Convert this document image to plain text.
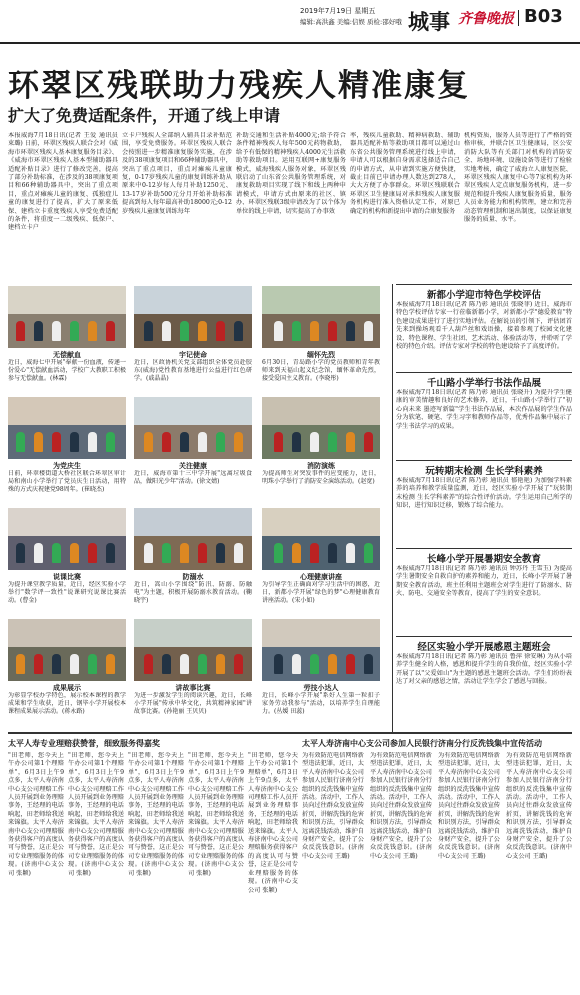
2019年7月19日 星期五
编辑:高洪鑫 美编:信娱 质检:邵好哦 城事 齐鲁晚报 B03
环翠区残联助力残疾人精准康复
扩大了免费适配条件，开通了线上申请
本报威海7月18日讯(记者 王爱 通讯员 束璐) 日前，环翠区残疾人联合会对《威海市环翠区残疾人基本康复服务目录》、《威海市环翠区残疾人基本型辅助器具适配补贴目录》进行了修改完善，提高了部分补助标准，在涉及的38项康复项目和66种辅助器具中，突出了重点项目，重点对瘫痪儿童的康复、孤独症儿童的康复进行了提高，扩大了原来低保、建档立卡重度残疾人享受免费适配的条件，将重度一二级残疾、低保户、建档立卡户
立卡户残疾人全部纳入辅具目录补贴范围，享受免费服务。环翠区残疾人联合会按照进一步精准康复服务实施，在涉及的38项康复项目和66种辅助器具中，突出了重点项目，重点对瘫痪儿童康复，0-17岁残疾儿童的康复训练补助从原来中0-12岁每人每月补助1250元、13-17岁补助500元分月开始补助标准提高到每人每年最高补助18000元;0-12岁残疾儿童康复训练每年
补助交通和生活补贴4000元;给予符合条件精神残疾人每年500元药物救助，给予有低保的精神残疾人4000元生活救助等救助项目。运用互联网+康复服务模式，威海残疾人服务对象，环翠区残联启动了山东省公共服务管理系统，对康复救助项目实现了线下和线上两种申请模式，申请方式由原来的社区、镇办、环翠区残联3级申请改为了以个体为单位的线上申请，切实提高了办事效
率，残疾儿童救助、精神病救助、辅助器具适配补贴等救助项目都可以通过山东省公共服务管理系统进行线上申请，申请人可以根据自身需求选择适合自己的申请方式，从申请到实施方便快捷，截止目前已申请办理人数达到278人，大大方便了办事群众。环翠区残联联合环翠区卫生健康局对承担残疾人康复服务机构进行准入资格认定工作，对原已确定的机构和新提出申请的合康复服务
机构资质，服务人员等进行了严格的资格审核，并联合区卫生健康局，区公安消防大队等有关部门对机构的消防安全、场地环境、设施设备等进行了检验实地考核，确定了威海立人康复医院、环翠区残疾人康复中心等7家机构为环翠区残疾人定点康复服务机构，进一步规范和提升残疾人康复服务质量，服务人员业务能力和机构管理，建立和完善动态管理机制和退出制度，以保证康复服务的质量、水平。
无偿献血
近日，威海七中开展"奉献一份血液，传递一份爱心"无偿献血活动，学校广大教职工积极参与无偿献血。(林霖)
宇记使命
近日，区政协机关党支部组织全体党员赴胶东(威海)党性教育基地进行公益进行红色研学。(戚晶晶)
缅怀先烈
6月30日，青岛路小学的党员教师和青年教师来到天福山起义纪念馆，缅怀革命先烈，接受爱国主义教育。(李晓彤)
为党庆生
日前，环翠楼街道大桥社区联合环翠区审计局和南山小学举行了党员庆生日活动，用特殊的方式庆祝建党98周年。(崔晓杰)
关注健康
近日，威海市第十三中学开展"远离垃圾食品，做阳光少年"活动。(徐文婧)
消防演练
为提高师生对突发事件的应变能力，近日，明珠小学举行了消防安全演练活动。(赵宽)
说课比赛
为提升课堂教学质量，近日，经区实验小学举行"数学评一致性"说课研究说课比赛活动。(曹金)
防溺水
近日，嵩山小学围绕"防汛、防溺、防触电"为主题，积极开展防溺水教育活动。(鞠晓宇)
心理健康讲座
为引导学生正确面对学习生活中的困惑，近日，新都小学开展"绿色的梦"心理健康教育讲座活动。(宋小如)
成果展示
为彰显学校办学特色，展示校本课程的教学成果和学生收获，近日，钢毕小学开展校本课程成果展示活动。(蒋永路)
讲故事比赛
为进一步激发学生的阅读兴趣，近日，长峰小学开展"传承中华文化，共筑精神家园"讲故事比赛。(孙艳丽 王贝贝)
劳技小达人
近日，长峰小学开展"系好人生第一粒扣子 家务劳动我参与"活动，以培养学生自理能力。(丛媛 田蕊)
新都小学迎市特色学校评估
本报威海7月18日讯(记者 陈乃彰 通讯员 张晓菲) 近日，威海市特色学校评估专家一行莅临新都小学，对新都小学"德爱教育"特色建设成果进行了进行实地评估。在解说员的引领下，评估团首先来到操场观看千人葫芦丝和戏语操，接着参观了校园文化建设、特色课程、学生社团、艺术活动、体验活动等，并聆听了学校的特色介绍。评估专家对学校的特色建设给予了高度评价。
千山路小学举行书法作品展
本报威海7月18日讯(记者 陈乃彰 通讯员 张晓升) 为提升学生健康的审美情趣和良好的艺术修养，近日，千山路小学举行了"初心向未来 墨迹写新篇"学生书法作品展，本次作品展的学生作品分为软笔、硬笔、学生习字和教师作品等，优秀作品集中展示了学生书法学习的成果。
玩转期末检测 生长学科素养
本报威海7月18日讯(记者 陈乃彰 通讯员 郁艳艳) 为加强学科素养的培养和教学质量监测，近日，经区实验小学开展了"玩转期末检测 生长学科素养"的综合性评价活动。学生运用自己所学的知识，进行知识迁移，锻炼了综合能力。
长峰小学开展暑期安全教育
本报威海7月18日讯(记者 陈乃彰 通讯员 钟苏丹 王雪玉) 为提高学生暑期安全自救自护的素养和能力，近日，长峰小学开展了暑期安全教育活动，班主任利用主题班会对学生进行了防溺水、防火、防电、交通安全等教育，提高了学生的安全意识。
经区实验小学开展感恩主题班会
本报威海7月18日讯(记者 陈乃彰 通讯员 鲁萍 徐安琳) 为从小培养学生健全的人格，感恩和提升学生的自我价值，经区实验小学开展了以"父爱如山"为主题的感恩主题班会活动。学生们纷纷表达了对父亲的感恩之情，活动让学生学会了感恩与回报。
太平人寿专业理赔获赞誉，细致服务得嘉奖	太平人寿济南中心支公司参加人民银行济南分行反洗钱集中宣传活动
"田老师，您今天上午办公司第1个理赔单"，6月3日上午9点多，太平人寿济南中心支公司理赔工作人员开展到业务理赔事务，王经理的电话响起，田老师给我送来锦旗。太平人寿济南中心支公司理赔服务获得客户的高度认可与赞誉，这正是公司专业理赔服务的体现。(济南中心支公司 张颖)
"田老师，您今天上午办公司第1个理赔单"，6月3日上午9点多，太平人寿济南中心支公司理赔工作人员开展到业务理赔事务，王经理的电话响起，田老师给我送来锦旗。太平人寿济南中心支公司理赔服务获得客户的高度认可与赞誉，这正是公司专业理赔服务的体现。(济南中心支公司 张颖)
"田老师，您今天上午办公司第1个理赔单"，6月3日上午9点多，太平人寿济南中心支公司理赔工作人员开展到业务理赔事务，王经理的电话响起，田老师给我送来锦旗。太平人寿济南中心支公司理赔服务获得客户的高度认可与赞誉，这正是公司专业理赔服务的体现。(济南中心支公司 张颖)
"田老师，您今天上午办公司第1个理赔单"，6月3日上午9点多，太平人寿济南中心支公司理赔工作人员开展到业务理赔事务，王经理的电话响起，田老师给我送来锦旗。太平人寿济南中心支公司理赔服务获得客户的高度认可与赞誉，这正是公司专业理赔服务的体现。(济南中心支公司 张颖)
"田老师，您今天上午办公司第1个理赔单"，6月3日上午9点多，太平人寿济南中心支公司理赔工作人员开展到业务理赔事务，王经理的电话响起，田老师给我送来锦旗。太平人寿济南中心支公司理赔服务获得客户的高度认可与赞誉，这正是公司专业理赔服务的体现。(济南中心支公司 张颖)
为有效防范电信网络新型违法犯罪，近日，太平人寿济南中心支公司参加人民银行济南分行组织的反洗钱集中宣传活动。活动中，工作人员向过往群众发放宣传折页，讲解洗钱的危害和识别方法，引导群众远离洗钱活动，维护自身财产安全，提升了公众反洗钱意识。(济南中心支公司 王璐)
为有效防范电信网络新型违法犯罪，近日，太平人寿济南中心支公司参加人民银行济南分行组织的反洗钱集中宣传活动。活动中，工作人员向过往群众发放宣传折页，讲解洗钱的危害和识别方法，引导群众远离洗钱活动，维护自身财产安全，提升了公众反洗钱意识。(济南中心支公司 王璐)
为有效防范电信网络新型违法犯罪，近日，太平人寿济南中心支公司参加人民银行济南分行组织的反洗钱集中宣传活动。活动中，工作人员向过往群众发放宣传折页，讲解洗钱的危害和识别方法，引导群众远离洗钱活动，维护自身财产安全，提升了公众反洗钱意识。(济南中心支公司 王璐)
为有效防范电信网络新型违法犯罪，近日，太平人寿济南中心支公司参加人民银行济南分行组织的反洗钱集中宣传活动。活动中，工作人员向过往群众发放宣传折页，讲解洗钱的危害和识别方法，引导群众远离洗钱活动，维护自身财产安全，提升了公众反洗钱意识。(济南中心支公司 王璐)
